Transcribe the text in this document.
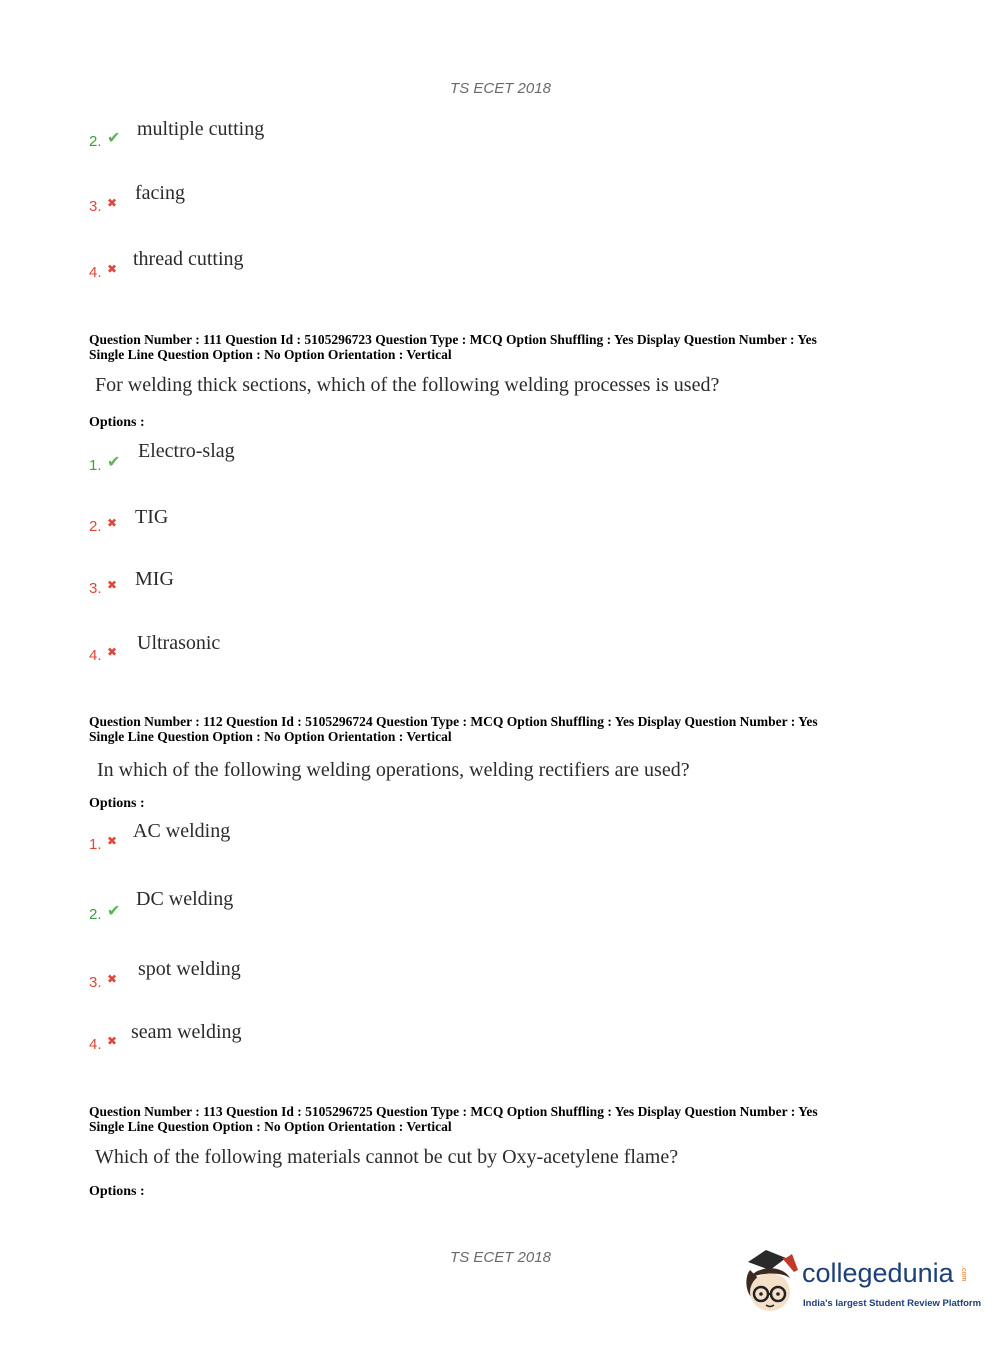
TS ECET 2018
2. ✔ multiple cutting
3. ✖ facing
4. ✖ thread cutting
Question Number : 111 Question Id : 5105296723 Question Type : MCQ Option Shuffling : Yes Display Question Number : Yes
Single Line Question Option : No Option Orientation : Vertical
For welding thick sections, which of the following welding processes is used?
Options :
1. ✔ Electro-slag
2. ✖ TIG
3. ✖ MIG
4. ✖ Ultrasonic
Question Number : 112 Question Id : 5105296724 Question Type : MCQ Option Shuffling : Yes Display Question Number : Yes
Single Line Question Option : No Option Orientation : Vertical
In which of the following welding operations, welding rectifiers are used?
Options :
1. ✖ AC welding
2. ✔
DC welding
3. ✖ spot welding
4. ✖ seam welding
Question Number : 113 Question Id : 5105296725 Question Type : MCQ Option Shuffling : Yes Display Question Number : Yes
Single Line Question Option : No Option Orientation : Vertical
Which of the following materials cannot be cut by Oxy-acetylene flame?
Options :
TS ECET 2018
collegedunia .com
India's largest Student Review Platform
